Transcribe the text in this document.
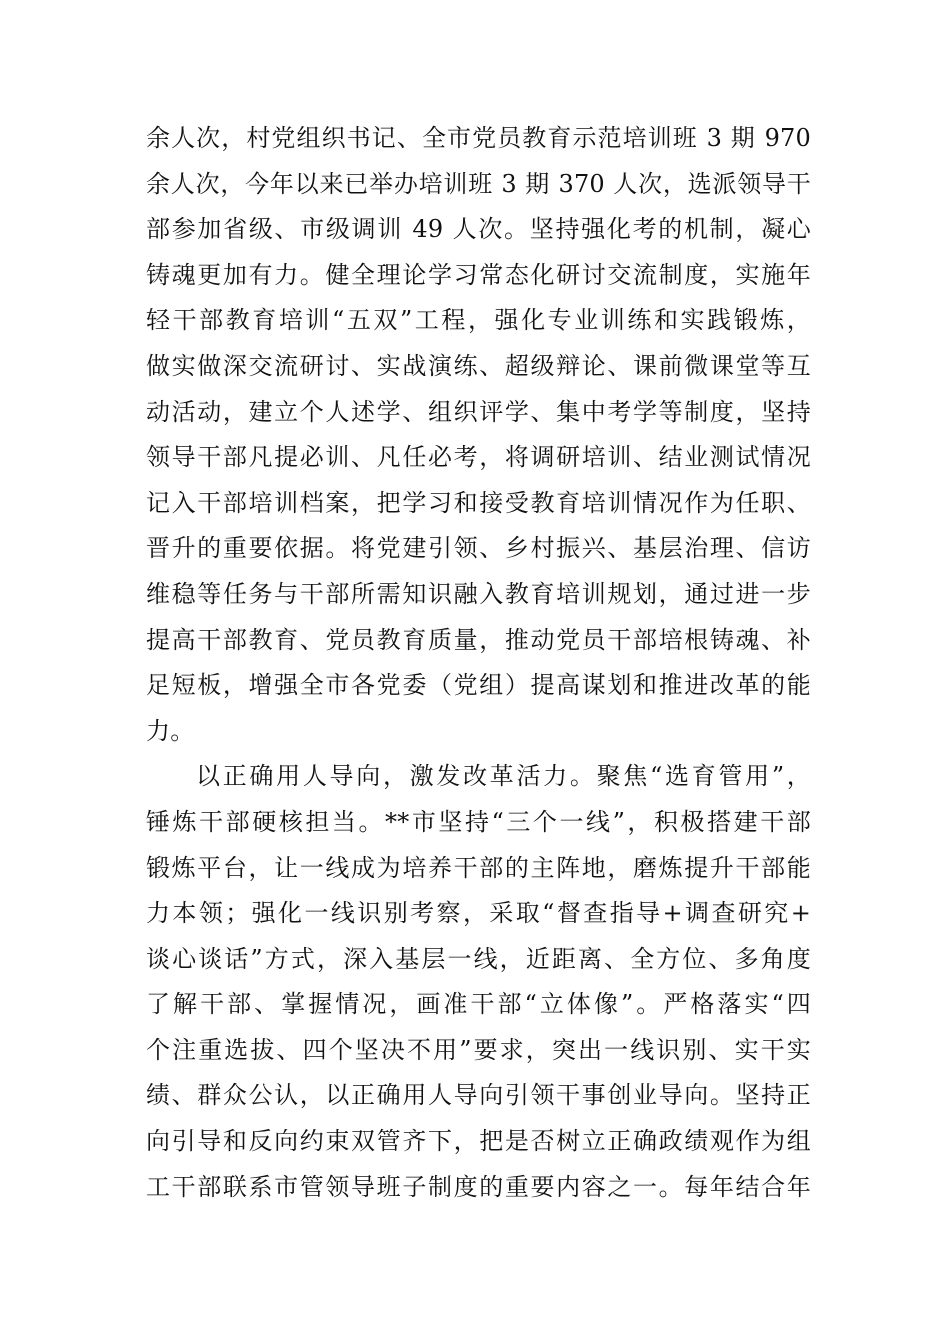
余人次，村党组织书记、全市党员教育示范培训班 3 期 970
余人次，今年以来已举办培训班 3 期 370 人次，选派领导干
部参加省级、市级调训 49 人次。坚持强化考的机制，凝心
铸魂更加有力。健全理论学习常态化研讨交流制度，实施年
轻干部教育培训“五双”工程，强化专业训练和实践锻炼，
做实做深交流研讨、实战演练、超级辩论、课前微课堂等互
动活动，建立个人述学、组织评学、集中考学等制度，坚持
领导干部凡提必训、凡任必考，将调研培训、结业测试情况
记入干部培训档案，把学习和接受教育培训情况作为任职、
晋升的重要依据。将党建引领、乡村振兴、基层治理、信访
维稳等任务与干部所需知识融入教育培训规划，通过进一步
提高干部教育、党员教育质量，推动党员干部培根铸魂、补
足短板，增强全市各党委（党组）提高谋划和推进改革的能
力。
以正确用人导向，激发改革活力。聚焦“选育管用”，
锤炼干部硬核担当。**市坚持“三个一线”，积极搭建干部
锻炼平台，让一线成为培养干部的主阵地，磨炼提升干部能
力本领；强化一线识别考察，采取“督查指导+调查研究+
谈心谈话”方式，深入基层一线，近距离、全方位、多角度
了解干部、掌握情况，画准干部“立体像”。严格落实“四
个注重选拔、四个坚决不用”要求，突出一线识别、实干实
绩、群众公认，以正确用人导向引领干事创业导向。坚持正
向引导和反向约束双管齐下，把是否树立正确政绩观作为组
工干部联系市管领导班子制度的重要内容之一。每年结合年
